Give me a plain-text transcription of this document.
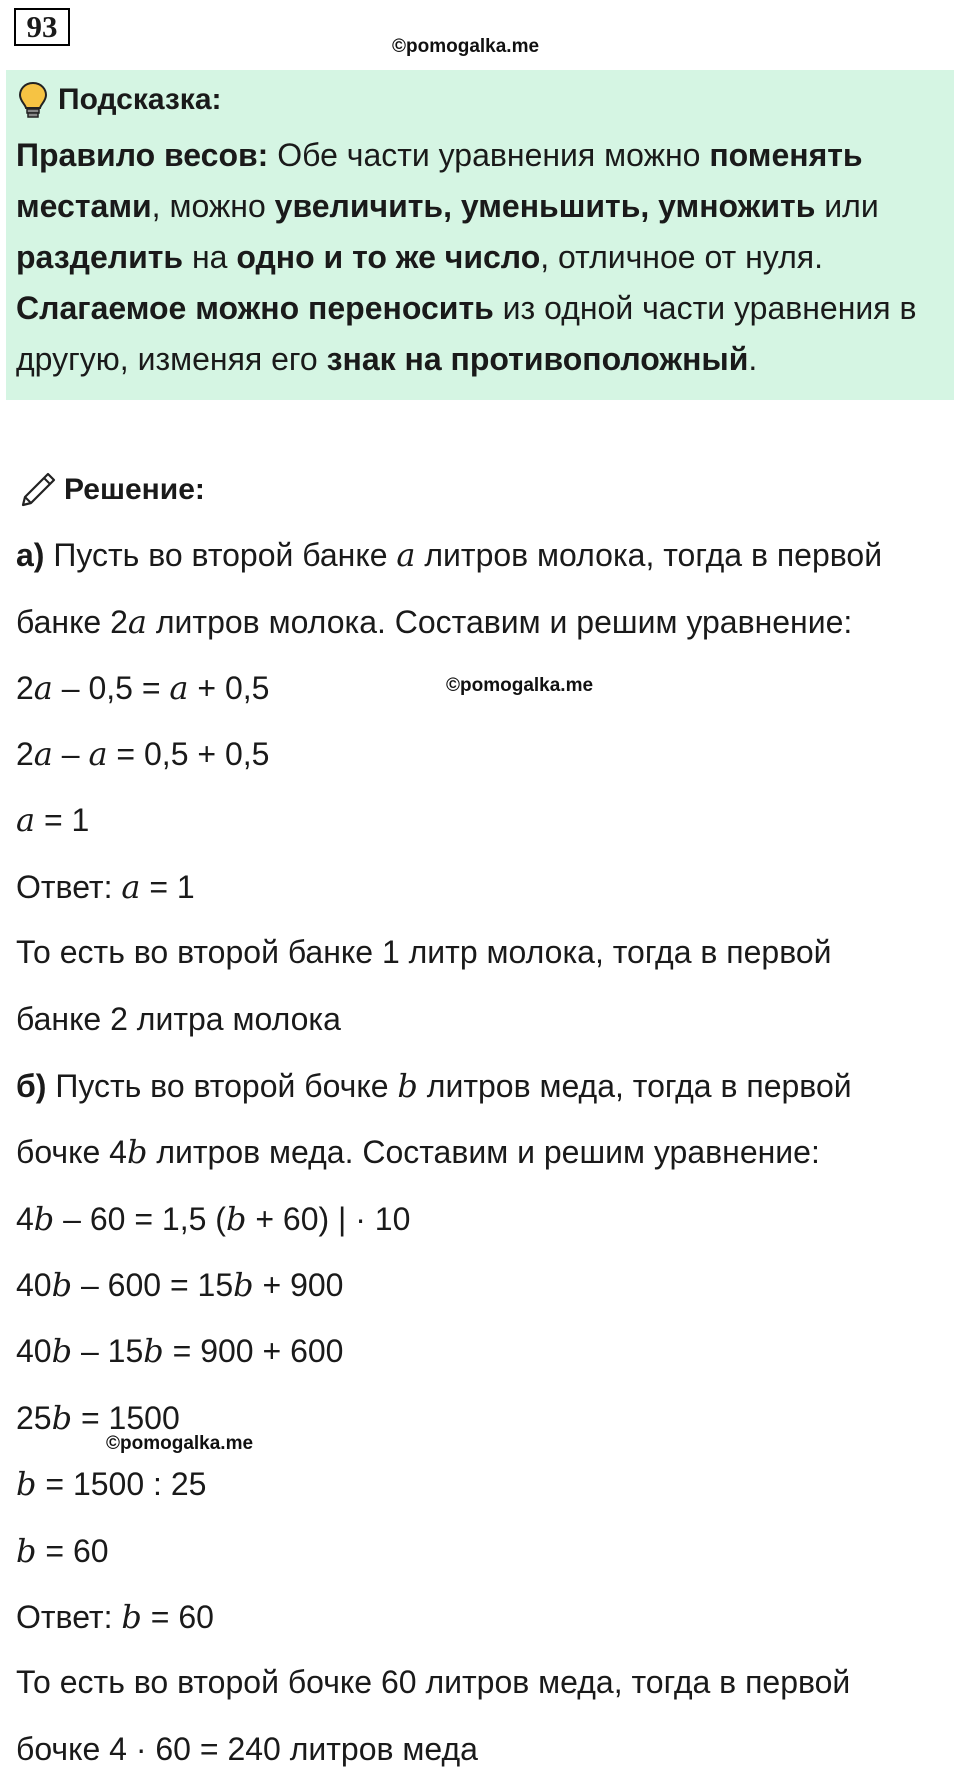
93
©pomogalka.me
Подсказка:
Правило весов: Обе части уравнения можно поменять местами, можно увеличить, уменьшить, умножить или разделить на одно и то же число, отличное от нуля. Слагаемое можно переносить из одной части уравнения в другую, изменяя его знак на противоположный.
Решение:
а) Пусть во второй банке a литров молока, тогда в первой
банке 2a литров молока. Составим и решим уравнение:
2a – 0,5 = a + 0,5	©pomogalka.me
2a – a = 0,5 + 0,5
a = 1
Ответ: a = 1
То есть во второй банке 1 литр молока, тогда в первой
банке 2 литра молока
б) Пусть во второй бочке b литров меда, тогда в первой
бочке 4b литров меда. Составим и решим уравнение:
4b – 60 = 1,5 (b + 60) | · 10
40b – 600 = 15b + 900
40b – 15b = 900 + 600
25b = 1500
©pomogalka.me
b = 1500 : 25
b = 60
Ответ: b = 60
То есть во второй бочке 60 литров меда, тогда в первой
бочке 4 · 60 = 240 литров меда
